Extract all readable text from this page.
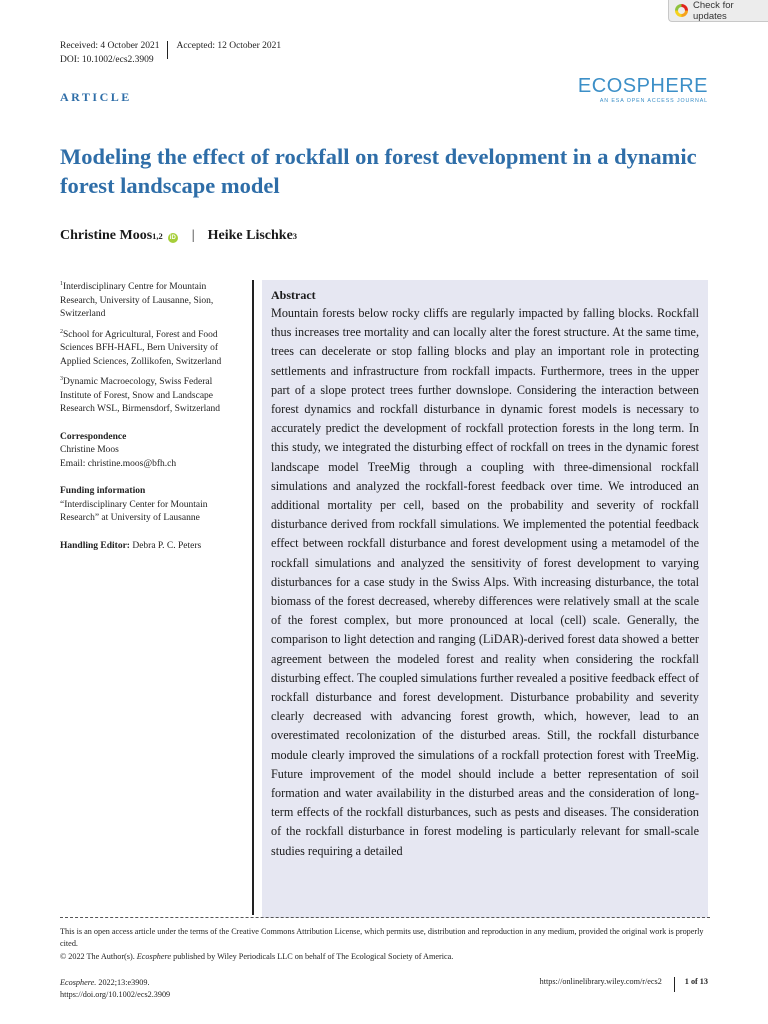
Check for updates
Received: 4 October 2021 Accepted: 12 October 2021
DOI: 10.1002/ecs2.3909
ARTICLE	ECOSPHERE
AN ESA OPEN ACCESS JOURNAL
Modeling the effect of rockfall on forest development in a dynamic forest landscape model
Christine Moos 1,2	iD | Heike Lischke 3
$^1$Interdisciplinary Centre for Mountain Research, University of Lausanne, Sion, Switzerland
$^2$School for Agricultural, Forest and Food Sciences BFH-HAFL, Bern University of Applied Sciences, Zollikofen, Switzerland
$^3$Dynamic Macroecology, Swiss Federal Institute of Forest, Snow and Landscape Research WSL, Birmensdorf, Switzerland
Correspondence
Christine Moos
Email: christine.moos@bfh.ch
Funding information
“Interdisciplinary Center for Mountain Research” at University of Lausanne
Handling Editor: Debra P. C. Peters
Abstract

Mountain forests below rocky cliffs are regularly impacted by falling blocks. Rockfall thus increases tree mortality and can locally alter the forest structure. At the same time, trees can decelerate or stop falling blocks and play an important role in protecting settlements and infrastructure from rockfall impacts. Furthermore, trees in the upper part of a slope protect trees further downslope. Considering the interaction between forest dynamics and rockfall disturbance in dynamic forest models is necessary to accurately predict the development of rockfall protection forests in the long term. In this study, we integrated the disturbing effect of rockfall on trees in the dynamic forest landscape model TreeMig through a coupling with three-dimensional rockfall simulations and analyzed the rockfall-forest feedback over time. We introduced an additional mortality per cell, based on the probability and severity of rockfall disturbance derived from rockfall simulations. We implemented the potential feedback effect between rockfall disturbance and forest development using a metamodel of the rockfall simulations and analyzed the sensitivity of forest development to varying disturbances for a case study in the Swiss Alps. With increasing disturbance, the total biomass of the forest decreased, whereby differences were relatively small at the scale of the forest complex, but more pronounced at local (cell) scale. Generally, the comparison to light detection and ranging (LiDAR)-derived forest data showed a better agreement between the modeled forest and reality when considering the rockfall disturbing effect. The coupled simulations further revealed a positive feedback effect of rockfall disturbance and forest development. Disturbance probability and severity clearly decreased with advancing forest growth, which, however, lead to an overestimated recolonization of the disturbed areas. Still, the rockfall disturbance module clearly improved the simulations of a rockfall protection forest with TreeMig. Future improvement of the model should include a better representation of soil formation and water availability in the disturbed areas and the consideration of long-term effects of the rockfall disturbances, such as pests and diseases. The consideration of the rockfall disturbance in forest modeling is particularly relevant for small-scale studies requiring a detailed

This is an open access article under the terms of the Creative Commons Attribution License, which permits use, distribution and reproduction in any medium, provided the original work is properly cited.

© 2022 The Author(s). Ecosphere published by Wiley Periodicals LLC on behalf of The Ecological Society of America.

Ecosphere. 2022;13:e3909.
https://doi.org/10.1002/ecs2.3909
https://onlinelibrary.wiley.com/r/ecs2	1 of 13
